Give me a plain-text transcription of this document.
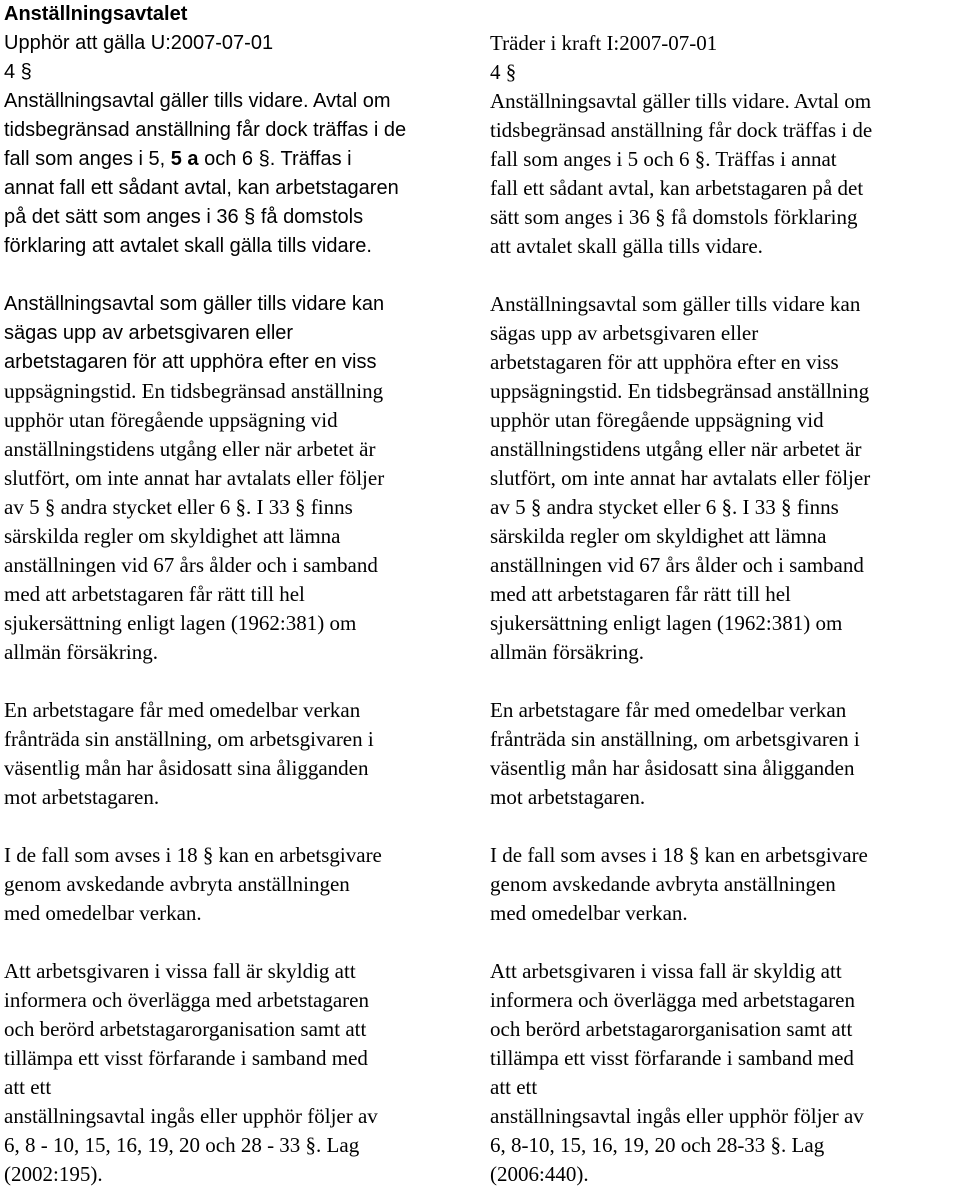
Anställningsavtalet
Upphör att gälla U:2007-07-01
4 §
Anställningsavtal gäller tills vidare. Avtal om
tidsbegränsad anställning får dock träffas i de
fall som anges i 5, 5 a och 6 §. Träffas i
annat fall ett sådant avtal, kan arbetstagaren
på det sätt som anges i 36 § få domstols
förklaring att avtalet skall gälla tills vidare.
Anställningsavtal som gäller tills vidare kan
sägas upp av arbetsgivaren eller
arbetstagaren för att upphöra efter en viss
uppsägningstid. En tidsbegränsad anställning
upphör utan föregående uppsägning vid
anställningstidens utgång eller när arbetet är
slutfört, om inte annat har avtalats eller följer
av 5 § andra stycket eller 6 §. I 33 § finns
särskilda regler om skyldighet att lämna
anställningen vid 67 års ålder och i samband
med att arbetstagaren får rätt till hel
sjukersättning enligt lagen (1962:381) om
allmän försäkring.
En arbetstagare får med omedelbar verkan
frånträda sin anställning, om arbetsgivaren i
väsentlig mån har åsidosatt sina åligganden
mot arbetstagaren.
I de fall som avses i 18 § kan en arbetsgivare
genom avskedande avbryta anställningen
med omedelbar verkan.
Att arbetsgivaren i vissa fall är skyldig att
informera och överlägga med arbetstagaren
och berörd arbetstagarorganisation samt att
tillämpa ett visst förfarande i samband med
att ett
anställningsavtal ingås eller upphör följer av
6, 8 - 10, 15, 16, 19, 20 och 28 - 33 §. Lag
(2002:195).
Träder i kraft I:2007-07-01
4 §
Anställningsavtal gäller tills vidare. Avtal om
tidsbegränsad anställning får dock träffas i de
fall som anges i 5 och 6 §. Träffas i annat
fall ett sådant avtal, kan arbetstagaren på det
sätt som anges i 36 § få domstols förklaring
att avtalet skall gälla tills vidare.
Anställningsavtal som gäller tills vidare kan
sägas upp av arbetsgivaren eller
arbetstagaren för att upphöra efter en viss
uppsägningstid. En tidsbegränsad anställning
upphör utan föregående uppsägning vid
anställningstidens utgång eller när arbetet är
slutfört, om inte annat har avtalats eller följer
av 5 § andra stycket eller 6 §. I 33 § finns
särskilda regler om skyldighet att lämna
anställningen vid 67 års ålder och i samband
med att arbetstagaren får rätt till hel
sjukersättning enligt lagen (1962:381) om
allmän försäkring.
En arbetstagare får med omedelbar verkan
frånträda sin anställning, om arbetsgivaren i
väsentlig mån har åsidosatt sina åligganden
mot arbetstagaren.
I de fall som avses i 18 § kan en arbetsgivare
genom avskedande avbryta anställningen
med omedelbar verkan.
Att arbetsgivaren i vissa fall är skyldig att
informera och överlägga med arbetstagaren
och berörd arbetstagarorganisation samt att
tillämpa ett visst förfarande i samband med
att ett
anställningsavtal ingås eller upphör följer av
6, 8-10, 15, 16, 19, 20 och 28-33 §. Lag
(2006:440).
